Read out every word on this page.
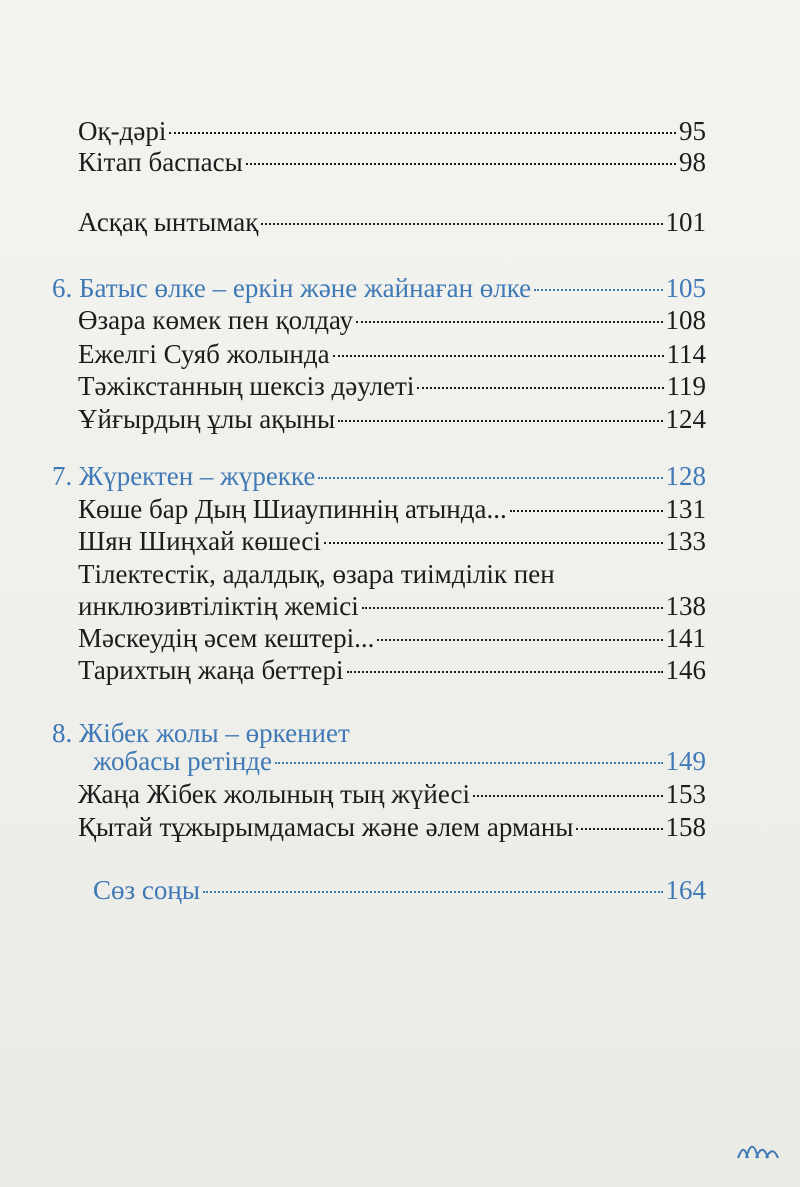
Оқ-дәрі	95
Кітап баспасы	98
Асқақ ынтымақ	101
6. Батыс өлке – еркін және жайнаған өлке	105
Өзара көмек пен қолдау	108
Ежелгі Суяб жолында	114
Тәжікстанның шексіз дәулеті	119
Ұйғырдың ұлы ақыны	124
7. Жүректен – жүрекке	128
Көше бар Дың Шиаупиннің атында...	131
Шян Шиңхай көшесі	133
Тілектестік, адалдық, өзара тиімділік пен
инклюзивтіліктің жемісі	138
Мәскеудің әсем кештері...	141
Тарихтың жаңа беттері	146
8. Жібек жолы – өркениет
жобасы ретінде	149
Жаңа Жібек жолының тың жүйесі	153
Қытай тұжырымдамасы және әлем арманы	158
Сөз соңы	164
